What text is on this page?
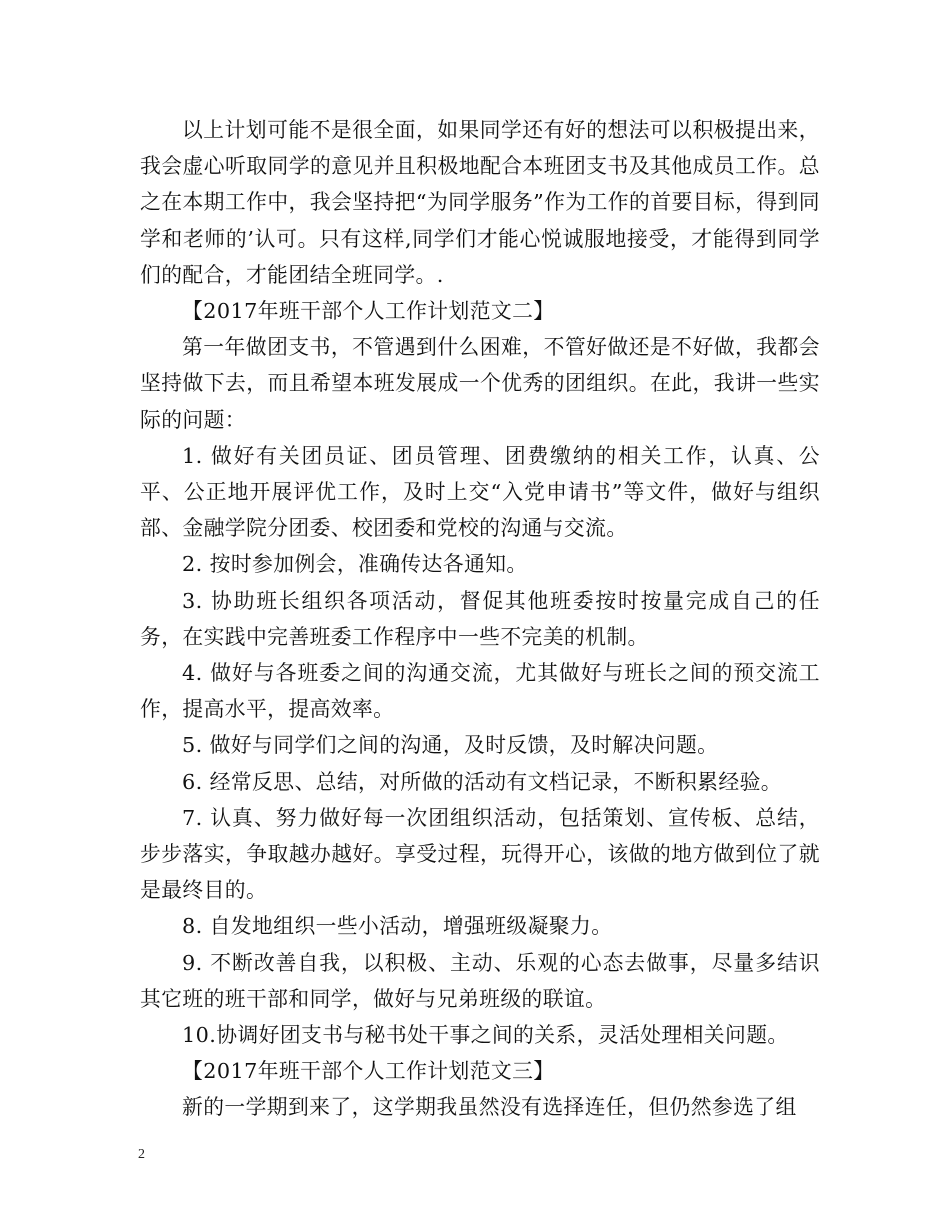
以上计划可能不是很全面，如果同学还有好的想法可以积极提出来，我会虚心听取同学的意见并且积极地配合本班团支书及其他成员工作。总之在本期工作中，我会坚持把“为同学服务”作为工作的首要目标，得到同学和老师的’认可。只有这样,同学们才能心悦诚服地接受，才能得到同学们的配合，才能团结全班同学。.

【2017年班干部个人工作计划范文二】

第一年做团支书，不管遇到什么困难，不管好做还是不好做，我都会坚持做下去，而且希望本班发展成一个优秀的团组织。在此，我讲一些实际的问题：

1. 做好有关团员证、团员管理、团费缴纳的相关工作，认真、公平、公正地开展评优工作，及时上交“入党申请书”等文件，做好与组织部、金融学院分团委、校团委和党校的沟通与交流。

2. 按时参加例会，准确传达各通知。

3. 协助班长组织各项活动，督促其他班委按时按量完成自己的任务，在实践中完善班委工作程序中一些不完美的机制。

4. 做好与各班委之间的沟通交流，尤其做好与班长之间的预交流工作，提高水平，提高效率。

5. 做好与同学们之间的沟通，及时反馈，及时解决问题。

6. 经常反思、总结，对所做的活动有文档记录，不断积累经验。

7. 认真、努力做好每一次团组织活动，包括策划、宣传板、总结，步步落实，争取越办越好。享受过程，玩得开心，该做的地方做到位了就是最终目的。

8. 自发地组织一些小活动，增强班级凝聚力。

9. 不断改善自我，以积极、主动、乐观的心态去做事，尽量多结识其它班的班干部和同学，做好与兄弟班级的联谊。

10.协调好团支书与秘书处干事之间的关系，灵活处理相关问题。

【2017年班干部个人工作计划范文三】

新的一学期到来了，这学期我虽然没有选择连任，但仍然参选了组

2
